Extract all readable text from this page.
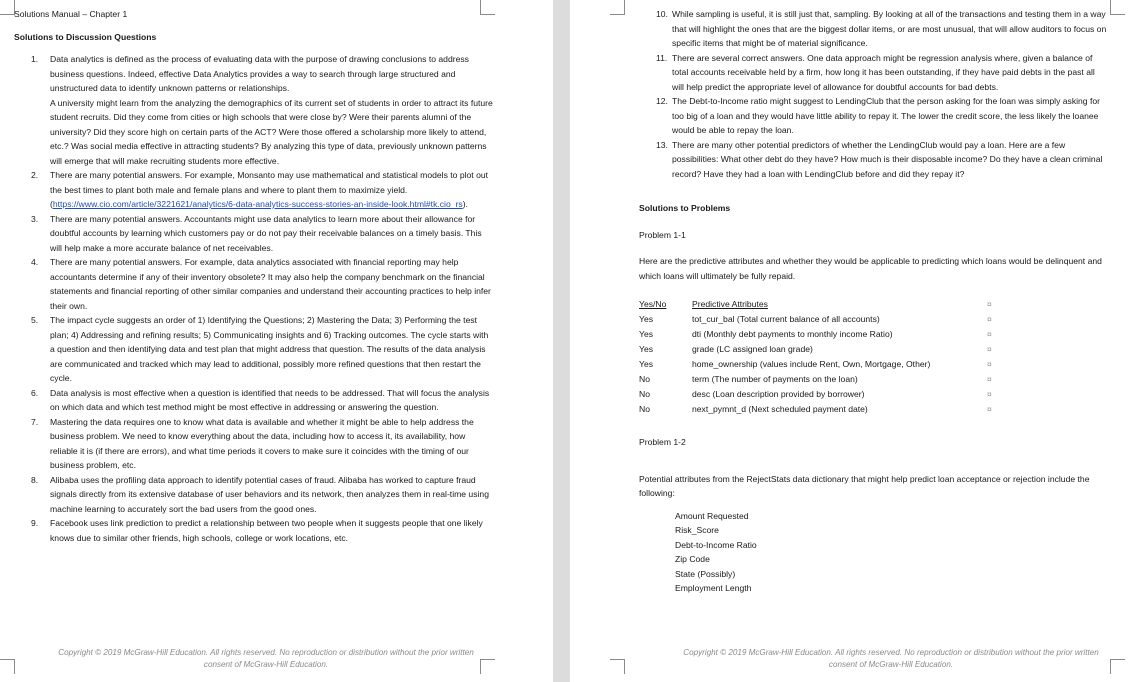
Solutions Manual – Chapter 1

Solutions to Discussion Questions

1. Data analytics is defined as the process of evaluating data with the purpose of drawing conclusions to address business questions. Indeed, effective Data Analytics provides a way to search through large structured and unstructured data to identify unknown patterns or relationships.

A university might learn from the analyzing the demographics of its current set of students in order to attract its future student recruits. Did they come from cities or high schools that were close by? Were their parents alumni of the university? Did they score high on certain parts of the ACT? Were those offered a scholarship more likely to attend, etc.? Was social media effective in attracting students? By analyzing this type of data, previously unknown patterns will emerge that will make recruiting students more effective.

2. There are many potential answers. For example, Monsanto may use mathematical and statistical models to plot out the best times to plant both male and female plans and where to plant them to maximize yield. (https://www.cio.com/article/3221621/analytics/6-data-analytics-success-stories-an-inside-look.html#tk.cio_rs).

3. There are many potential answers. Accountants might use data analytics to learn more about their allowance for doubtful accounts by learning which customers pay or do not pay their receivable balances on a timely basis. This will help make a more accurate balance of net receivables.

4. There are many potential answers. For example, data analytics associated with financial reporting may help accountants determine if any of their inventory obsolete? It may also help the company benchmark on the financial statements and financial reporting of other similar companies and understand their accounting practices to help infer their own.

5. The impact cycle suggests an order of 1) Identifying the Questions; 2) Mastering the Data; 3) Performing the test plan; 4) Addressing and refining results; 5) Communicating insights and 6) Tracking outcomes. The cycle starts with a question and then identifying data and test plan that might address that question. The results of the data analysis are communicated and tracked which may lead to additional, possibly more refined questions that then restart the cycle.

6. Data analysis is most effective when a question is identified that needs to be addressed. That will focus the analysis on which data and which test method might be most effective in addressing or answering the question.

7. Mastering the data requires one to know what data is available and whether it might be able to help address the business problem. We need to know everything about the data, including how to access it, its availability, how reliable it is (if there are errors), and what time periods it covers to make sure it coincides with the timing of our business problem, etc.

8. Alibaba uses the profiling data approach to identify potential cases of fraud. Alibaba has worked to capture fraud signals directly from its extensive database of user behaviors and its network, then analyzes them in real-time using machine learning to accurately sort the bad users from the good ones.

9. Facebook uses link prediction to predict a relationship between two people when it suggests people that one likely knows due to similar other friends, high schools, college or work locations, etc.

Copyright © 2019 McGraw-Hill Education. All rights reserved. No reproduction or distribution without the prior written consent of McGraw-Hill Education.
10. While sampling is useful, it is still just that, sampling. By looking at all of the transactions and testing them in a way that will highlight the ones that are the biggest dollar items, or are most unusual, that will allow auditors to focus on specific items that might be of material significance.

11. There are several correct answers. One data approach might be regression analysis where, given a balance of total accounts receivable held by a firm, how long it has been outstanding, if they have paid debts in the past all will help predict the appropriate level of allowance for doubtful accounts for bad debts.

12. The Debt-to-Income ratio might suggest to LendingClub that the person asking for the loan was simply asking for too big of a loan and they would have little ability to repay it. The lower the credit score, the less likely the loanee would be able to repay the loan.

13. There are many other potential predictors of whether the LendingClub would pay a loan. Here are a few possibilities: What other debt do they have? How much is their disposable income? Do they have a clean criminal record? Have they had a loan with LendingClub before and did they repay it?

Solutions to Problems

Problem 1-1

Here are the predictive attributes and whether they would be applicable to predicting which loans would be delinquent and which loans will ultimately be fully repaid.

Yes/No	Predictive Attributes	¤
Yes	tot_cur_bal (Total current balance of all accounts)	¤
Yes	dti (Monthly debt payments to monthly income Ratio)	¤
Yes	grade (LC assigned loan grade)	¤
Yes	home_ownership (values include Rent, Own, Mortgage, Other)	¤
No	term (The number of payments on the loan)	¤
No	desc (Loan description provided by borrower)	¤
No	next_pymnt_d (Next scheduled payment date)	¤

Problem 1-2

Potential attributes from the RejectStats data dictionary that might help predict loan acceptance or rejection include the following:

Amount Requested
Risk_Score
Debt-to-Income Ratio
Zip Code
State (Possibly)
Employment Length
Copyright © 2019 McGraw-Hill Education. All rights reserved. No reproduction or distribution without the prior written consent of McGraw-Hill Education.
